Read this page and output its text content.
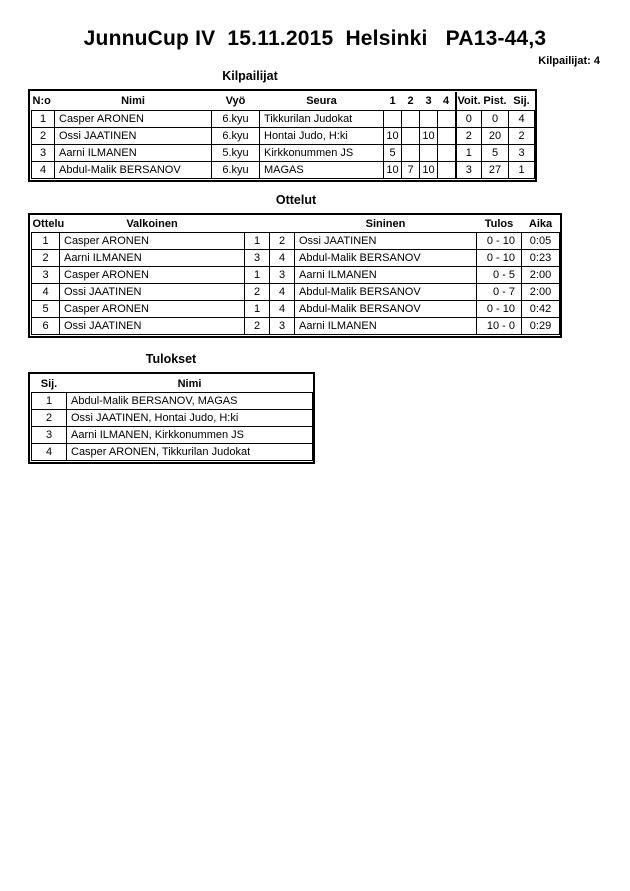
JunnuCup IV  15.11.2015  Helsinki   PA13-44,3
Kilpailijat: 4
Kilpailijat
N:o	Nimi	Vyö	Seura	1	2	3	4	Voit.	Pist.	Sij.
1	Casper ARONEN	6.kyu	Tikkurilan Judokat					0	0	4
2	Ossi JAATINEN	6.kyu	Hontai Judo, H:ki	10		10		2	20	2
3	Aarni ILMANEN	5.kyu	Kirkkonummen JS	5				1	5	3
4	Abdul-Malik BERSANOV	6.kyu	MAGAS	10	7	10		3	27	1
Ottelut
Ottelu	Valkoinen			Sininen	Tulos	Aika
1	Casper ARONEN	1	2	Ossi JAATINEN	0 - 10	0:05
2	Aarni ILMANEN	3	4	Abdul-Malik BERSANOV	0 - 10	0:23
3	Casper ARONEN	1	3	Aarni ILMANEN	0 - 5	2:00
4	Ossi JAATINEN	2	4	Abdul-Malik BERSANOV	0 - 7	2:00
5	Casper ARONEN	1	4	Abdul-Malik BERSANOV	0 - 10	0:42
6	Ossi JAATINEN	2	3	Aarni ILMANEN	10 - 0	0:29
Tulokset
Sij.	Nimi
1	Abdul-Malik BERSANOV, MAGAS
2	Ossi JAATINEN, Hontai Judo, H:ki
3	Aarni ILMANEN, Kirkkonummen JS
4	Casper ARONEN, Tikkurilan Judokat
